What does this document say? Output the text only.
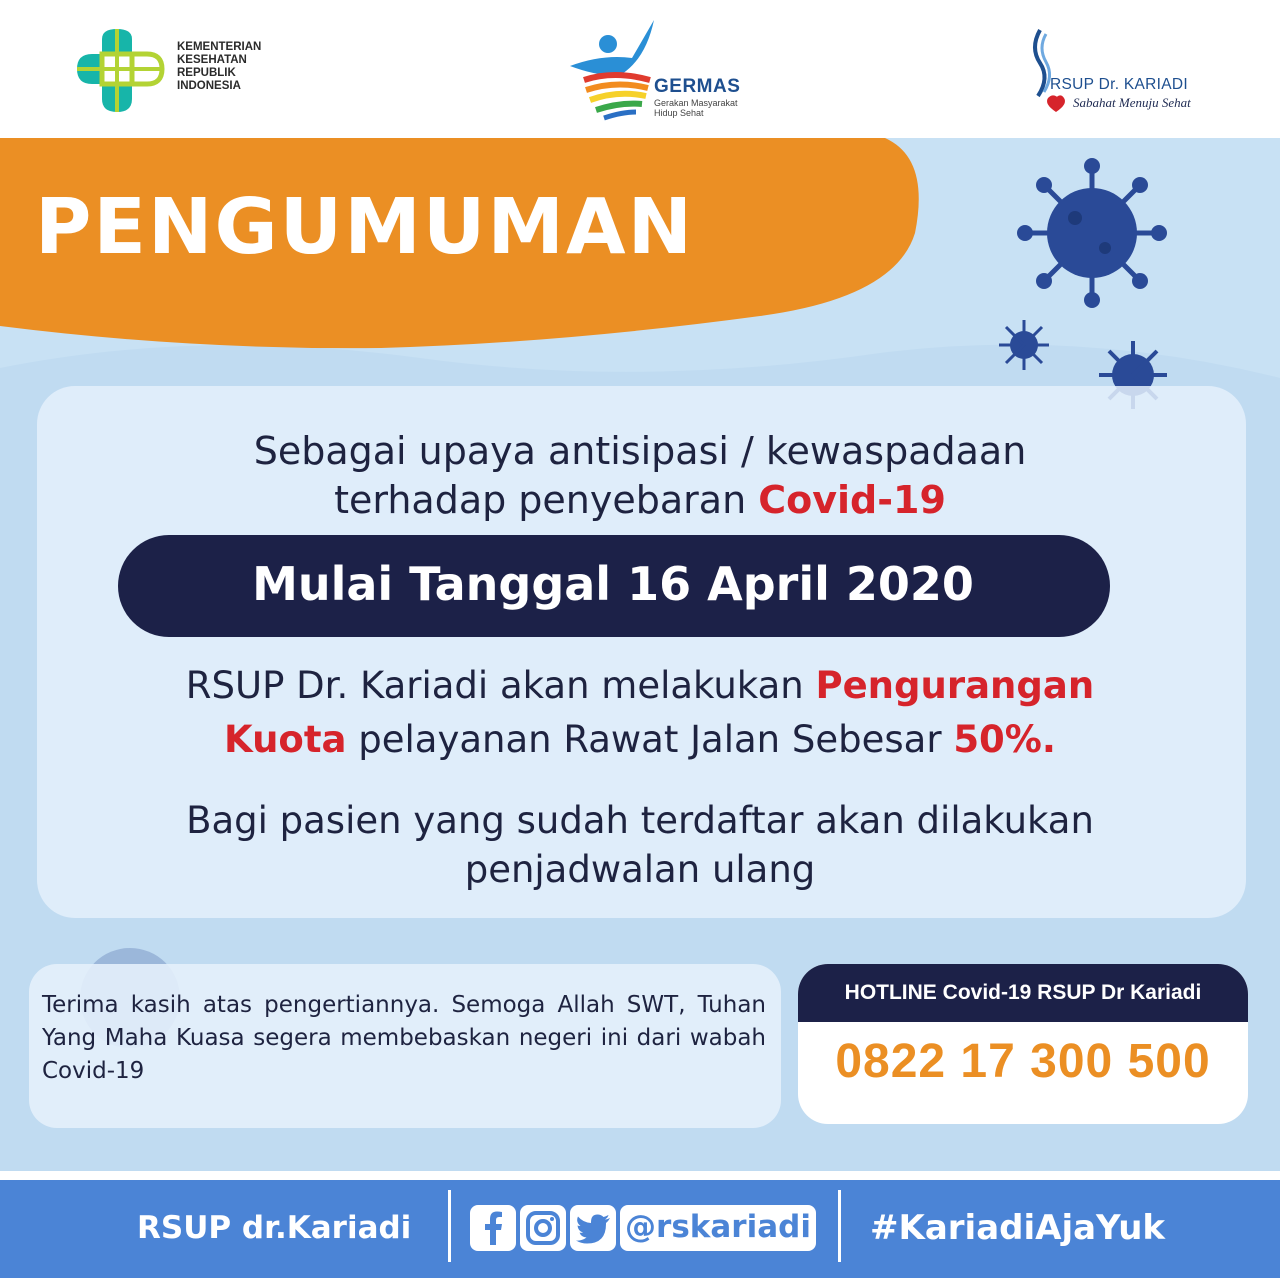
KEMENTERIAN
KESEHATAN
REPUBLIK
INDONESIA	GERMAS
Gerakan Masyarakat
Hidup Sehat
RSUP Dr. KARIADI
Sabahat Menuju Sehat
PENGUMUMAN
Sebagai upaya antisipasi / kewaspadaan
terhadap penyebaran Covid-19
Mulai Tanggal 16 April 2020
RSUP Dr. Kariadi akan melakukan Pengurangan
Kuota pelayanan Rawat Jalan Sebesar 50%.
Bagi pasien yang sudah terdaftar akan dilakukan
penjadwalan ulang
Terima kasih atas pengertiannya. Semoga Allah SWT, Tuhan Yang Maha Kuasa segera membebaskan negeri ini dari wabah Covid-19
HOTLINE Covid-19 RSUP Dr Kariadi
0822 17 300 500
RSUP dr.Kariadi	@rskariadi #KariadiAjaYuk
